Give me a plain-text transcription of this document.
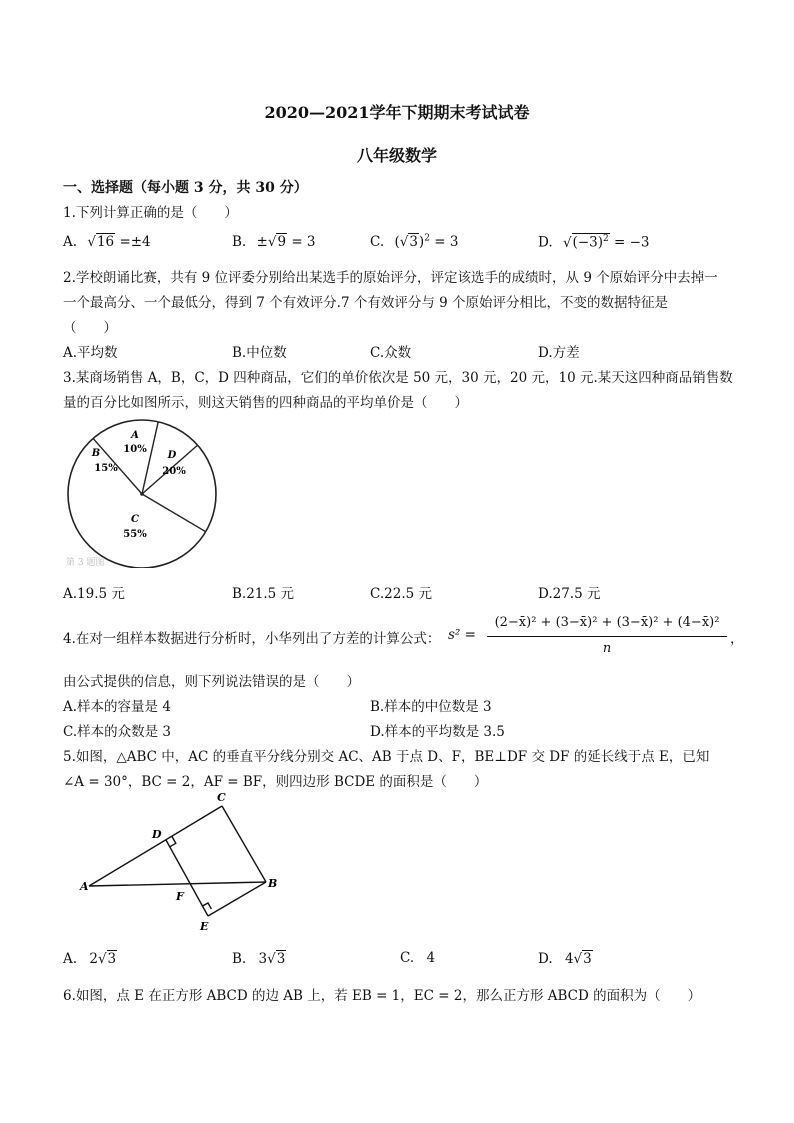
2020—2021学年下期期末考试试卷
八年级数学
一、选择题（每小题 3 分，共 30 分）
1.下列计算正确的是（　　）
A. √16 =±4	B. ±√9 = 3	C. $(√3)^2 = 3$	D. $√(-3)^2 = -3$
2.学校朗诵比赛，共有 9 位评委分别给出某选手的原始评分，评定该选手的成绩时，从 9 个原始评分中去掉一
一个最高分、一个最低分，得到 7 个有效评分.7 个有效评分与 9 个原始评分相比，不变的数据特征是
（　　）
A.平均数	B.中位数	C.众数	D.方差
3.某商场销售 A，B，C，D 四种商品，它们的单价依次是 50 元，30 元，20 元，10 元.某天这四种商品销售数
量的百分比如图所示，则这天销售的四种商品的平均单价是（　　）
A
10%
B
15%
C
55%
D
20%
第 3 题图
A.19.5 元	B.21.5 元	C.22.5 元	D.27.5 元
4.在对一组样本数据进行分析时，小华列出了方差的计算公式： s² =
(2−x̄)² + (3−x̄)² + (3−x̄)² + (4−x̄)²
n
，
由公式提供的信息，则下列说法错误的是（　　）
A.样本的容量是 4	B.样本的中位数是 3
C.样本的众数是 3	D.样本的平均数是 3.5
5.如图，△ABC 中，AC 的垂直平分线分别交 AC、AB 于点 D、F，BE⊥DF 交 DF 的延长线于点 E，已知
∠A = 30°，BC = 2，AF = BF，则四边形 BCDE 的面积是（　　）
A	B
C
D
E
F
A. 2√3	B. 3√3	C. 4	D. 4√3
6.如图，点 E 在正方形 ABCD 的边 AB 上，若 EB = 1，EC = 2，那么正方形 ABCD 的面积为（　　）
